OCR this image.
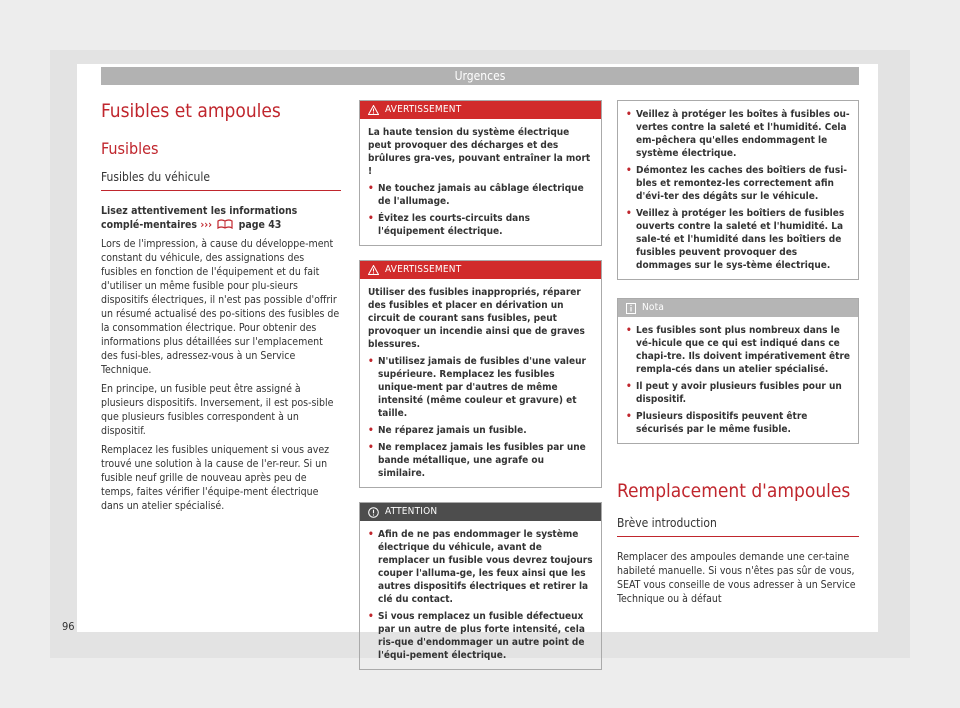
Urgences
Fusibles et ampoules
Fusibles
Fusibles du véhicule

Lisez attentivement les informations complé-mentaires ›››	page 43

Lors de l'impression, à cause du développe-ment constant du véhicule, des assignations des fusibles en fonction de l'équipement et du fait d'utiliser un même fusible pour plu-sieurs dispositifs électriques, il n'est pas possible d'offrir un résumé actualisé des po-sitions des fusibles de la consommation électrique. Pour obtenir des informations plus détaillées sur l'emplacement des fusi-bles, adressez-vous à un Service Technique.

En principe, un fusible peut être assigné à plusieurs dispositifs. Inversement, il est pos-sible que plusieurs fusibles correspondent à un dispositif.

Remplacez les fusibles uniquement si vous avez trouvé une solution à la cause de l'er-reur. Si un fusible neuf grille de nouveau après peu de temps, faites vérifier l'équipe-ment électrique dans un atelier spécialisé.

AVERTISSEMENT

La haute tension du système électrique peut provoquer des décharges et des brûlures gra-ves, pouvant entraîner la mort !

• Ne touchez jamais au câblage électrique de l'allumage.
• Évitez les courts-circuits dans l'équipement électrique.
AVERTISSEMENT

Utiliser des fusibles inappropriés, réparer des fusibles et placer en dérivation un circuit de courant sans fusibles, peut provoquer un incendie ainsi que de graves blessures.

• N'utilisez jamais de fusibles d'une valeur supérieure. Remplacez les fusibles unique-ment par d'autres de même intensité (même couleur et gravure) et taille.
• Ne réparez jamais un fusible.
• Ne remplacez jamais les fusibles par une bande métallique, une agrafe ou similaire.
ATTENTION
• Afin de ne pas endommager le système électrique du véhicule, avant de remplacer un fusible vous devrez toujours couper l'alluma-ge, les feux ainsi que les autres dispositifs électriques et retirer la clé du contact.
• Si vous remplacez un fusible défectueux par un autre de plus forte intensité, cela ris-que d'endommager un autre point de l'équi-pement électrique.
• Veillez à protéger les boîtes à fusibles ou-vertes contre la saleté et l'humidité. Cela em-pêchera qu'elles endommagent le système électrique.
• Démontez les caches des boîtiers de fusi-bles et remontez-les correctement afin d'évi-ter des dégâts sur le véhicule.
• Veillez à protéger les boîtiers de fusibles ouverts contre la saleté et l'humidité. La sale-té et l'humidité dans les boîtiers de fusibles peuvent provoquer des dommages sur le sys-tème électrique.
Nota
• Les fusibles sont plus nombreux dans le vé-hicule que ce qui est indiqué dans ce chapi-tre. Ils doivent impérativement être rempla-cés dans un atelier spécialisé.
• Il peut y avoir plusieurs fusibles pour un dispositif.
• Plusieurs dispositifs peuvent être sécurisés par le même fusible.
Remplacement d'ampoules
Brève introduction

Remplacer des ampoules demande une cer-taine habileté manuelle. Si vous n'êtes pas sûr de vous, SEAT vous conseille de vous adresser à un Service Technique ou à défaut

96
